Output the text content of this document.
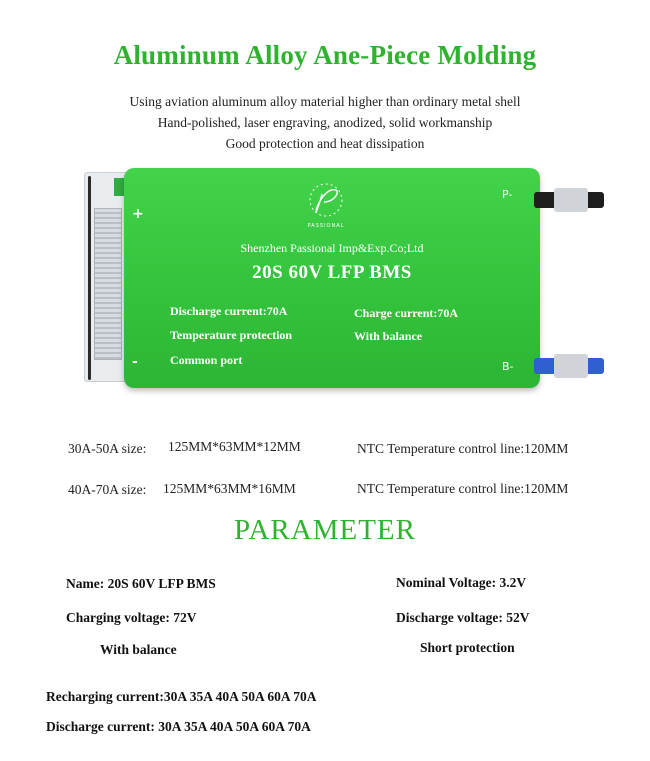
Aluminum Alloy Ane-Piece Molding
Using aviation aluminum alloy material higher than ordinary metal shell
Hand-polished, laser engraving, anodized, solid workmanship
Good protection and heat dissipation
+
-
PASSIONAL
Shenzhen Passional Imp&Exp.Co;Ltd
20S 60V LFP BMS
Discharge current:70A
Temperature protection
Common port
Charge current:70A
With balance
P-
B-
30A-50A size: 125MM*63MM*12MM	NTC Temperature control line:120MM
40A-70A size: 125MM*63MM*16MM	NTC Temperature control line:120MM
PARAMETER
Name: 20S 60V LFP BMS	Nominal Voltage: 3.2V
Charging voltage: 72V	Discharge voltage: 52V
With balance	Short protection
Recharging current:30A 35A 40A 50A 60A 70A
Discharge current: 30A 35A 40A 50A 60A 70A
